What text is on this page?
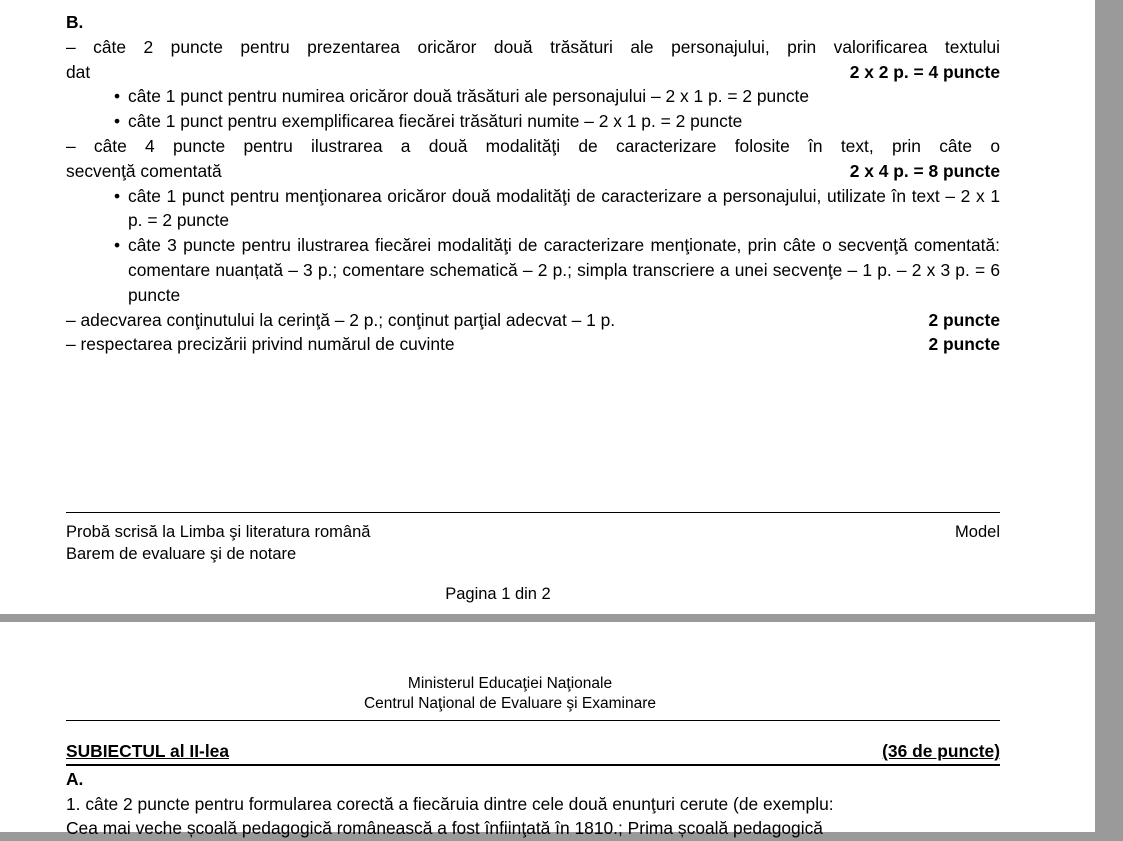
B.
– câte 2 puncte pentru prezentarea oricăror două trăsături ale personajului, prin valorificarea textului
dat	2 x 2 p. = 4 puncte
• câte 1 punct pentru numirea oricăror două trăsături ale personajului – 2 x 1 p. = 2 puncte
• câte 1 punct pentru exemplificarea fiecărei trăsături numite – 2 x 1 p. = 2 puncte
– câte 4 puncte pentru ilustrarea a două modalităţi de caracterizare folosite în text, prin câte o
secvenţă comentată	2 x 4 p. = 8 puncte
• câte 1 punct pentru menţionarea oricăror două modalităţi de caracterizare a personajului, utilizate în text – 2 x 1 p. = 2 puncte
• câte 3 puncte pentru ilustrarea fiecărei modalităţi de caracterizare menţionate, prin câte o secvenţă comentată: comentare nuanțată – 3 p.; comentare schematică – 2 p.; simpla transcriere a unei secvenţe – 1 p. – 2 x 3 p. = 6 puncte
– adecvarea conţinutului la cerinţă – 2 p.; conţinut parţial adecvat – 1 p.	2 puncte
– respectarea precizării privind numărul de cuvinte	2 puncte
Probă scrisă la Limba şi literatura română	Model
Barem de evaluare şi de notare
Pagina 1 din 2
Ministerul Educaţiei Naţionale
Centrul Naţional de Evaluare şi Examinare
SUBIECTUL al II-lea	(36 de puncte)
A.
1. câte 2 puncte pentru formularea corectă a fiecăruia dintre cele două enunţuri cerute (de exemplu:
Cea mai veche școală pedagogică românească a fost înfiinţată în 1810.; Prima școală pedagogică
